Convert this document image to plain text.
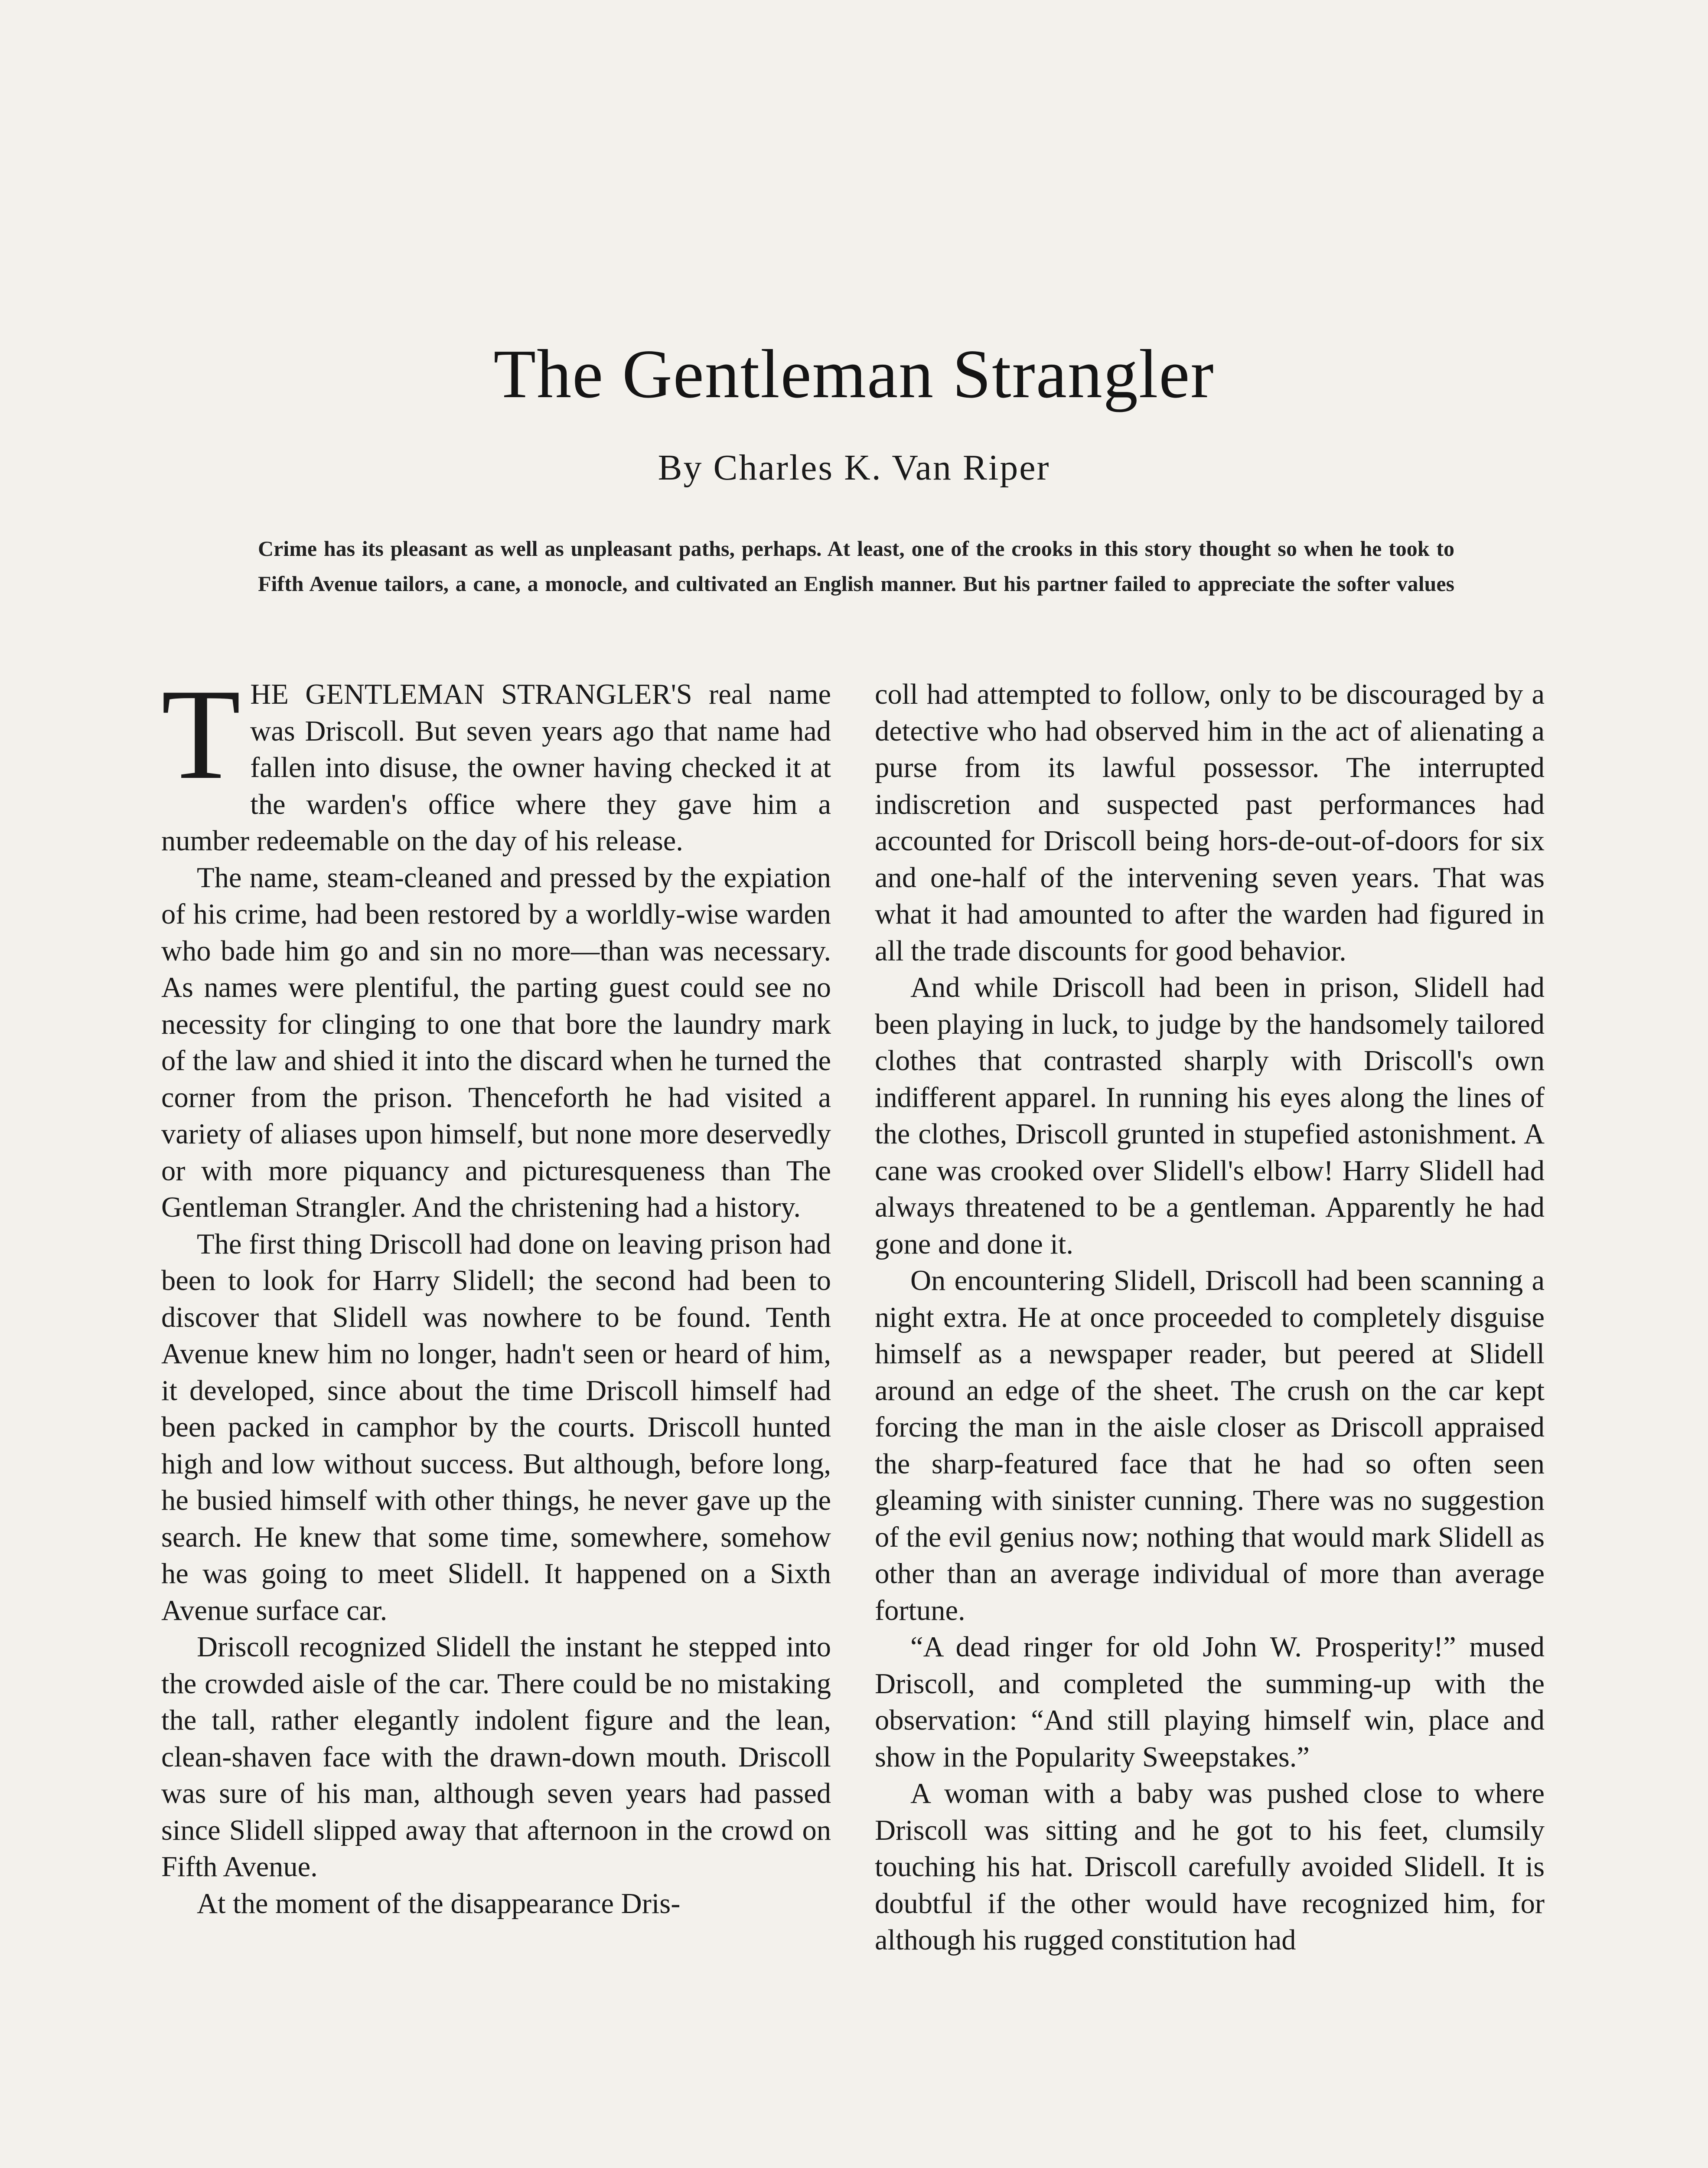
The Gentleman Strangler
By Charles K. Van Riper
Crime has its pleasant as well as unpleasant paths, perhaps. At least, one of the crooks in this story thought so when he took to Fifth Avenue tailors, a cane, a monocle, and cultivated an English manner. But his partner failed to appreciate the softer values

THE GENTLEMAN STRANGLER'S real name was Driscoll. But seven years ago that name had fallen into disuse, the owner having checked it at the warden's office where they gave him a number redeemable on the day of his release.

The name, steam-cleaned and pressed by the expiation of his crime, had been restored by a worldly-wise warden who bade him go and sin no more—than was necessary. As names were plentiful, the parting guest could see no necessity for clinging to one that bore the laundry mark of the law and shied it into the discard when he turned the corner from the prison. Thenceforth he had visited a variety of aliases upon himself, but none more deservedly or with more piquancy and picturesqueness than The Gentleman Strangler. And the christening had a history.

The first thing Driscoll had done on leaving prison had been to look for Harry Slidell; the second had been to discover that Slidell was nowhere to be found. Tenth Avenue knew him no longer, hadn't seen or heard of him, it developed, since about the time Driscoll himself had been packed in camphor by the courts. Driscoll hunted high and low without success. But although, before long, he busied himself with other things, he never gave up the search. He knew that some time, somewhere, somehow he was going to meet Slidell. It happened on a Sixth Avenue surface car.

Driscoll recognized Slidell the instant he stepped into the crowded aisle of the car. There could be no mistaking the tall, rather elegantly indolent figure and the lean, clean-shaven face with the drawn-down mouth. Driscoll was sure of his man, although seven years had passed since Slidell slipped away that afternoon in the crowd on Fifth Avenue.

At the moment of the disappearance Dris-

coll had attempted to follow, only to be discouraged by a detective who had observed him in the act of alienating a purse from its lawful possessor. The interrupted indiscretion and suspected past performances had accounted for Driscoll being hors-de-out-of-doors for six and one-half of the intervening seven years. That was what it had amounted to after the warden had figured in all the trade discounts for good behavior.

And while Driscoll had been in prison, Slidell had been playing in luck, to judge by the handsomely tailored clothes that contrasted sharply with Driscoll's own indifferent apparel. In running his eyes along the lines of the clothes, Driscoll grunted in stupefied astonishment. A cane was crooked over Slidell's elbow! Harry Slidell had always threatened to be a gentleman. Apparently he had gone and done it.

On encountering Slidell, Driscoll had been scanning a night extra. He at once proceeded to completely disguise himself as a newspaper reader, but peered at Slidell around an edge of the sheet. The crush on the car kept forcing the man in the aisle closer as Driscoll appraised the sharp-featured face that he had so often seen gleaming with sinister cunning. There was no suggestion of the evil genius now; nothing that would mark Slidell as other than an average individual of more than average fortune.

“A dead ringer for old John W. Prosperity!” mused Driscoll, and completed the summing-up with the observation: “And still playing himself win, place and show in the Popularity Sweepstakes.”

A woman with a baby was pushed close to where Driscoll was sitting and he got to his feet, clumsily touching his hat. Driscoll carefully avoided Slidell. It is doubtful if the other would have recognized him, for although his rugged constitution had
